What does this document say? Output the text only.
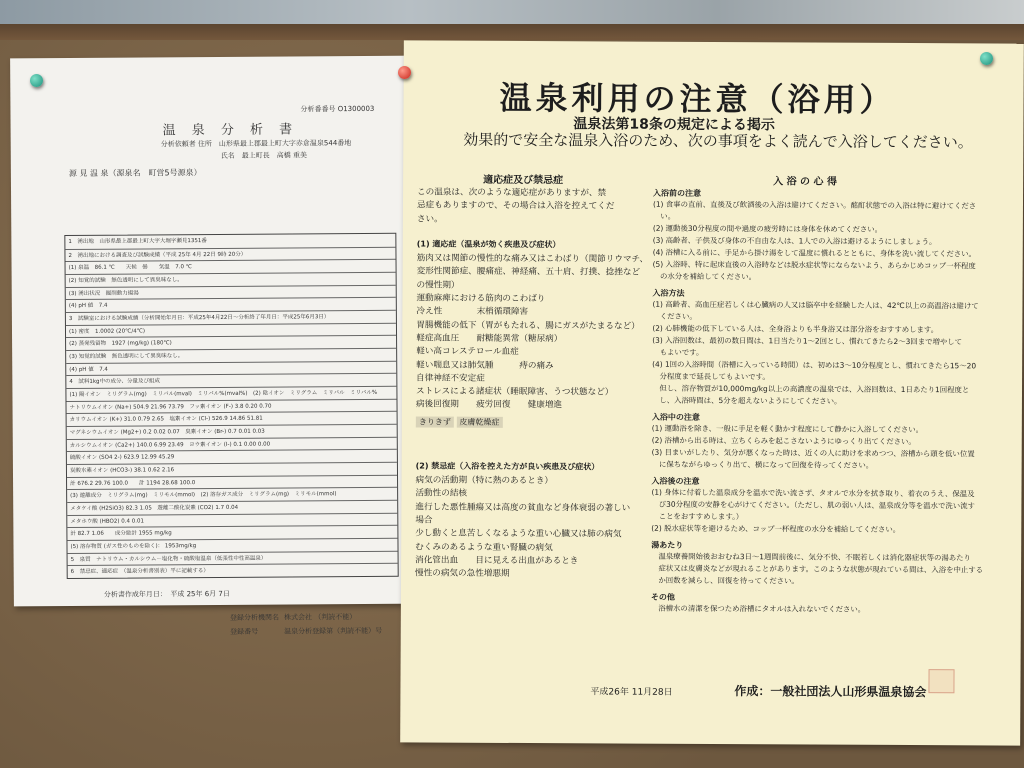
分析番番号 O1300003
温 泉 分 析 書
分析依頼者 住所　山形県最上郡最上町大字赤倉温泉544番地
氏名　最上町長　高橋 重美
源 見 温 泉（源泉名　町営5号源泉）
1　湧出地　山形県最上郡最上町大字大堀字瀬見1351番
2　湧出地における調査及び試験成績（平成 25年 4月 22日 9時 20分）
(1) 泉温　86.1 ℃　　天候　曇　　気温　7.0 ℃
(2) 知覚的試験　無色透明にして異臭味なし。
(3) 湧出状況　掘削動力揚湯
(4) pH 値　7.4
3　試験室における試験成績（分析開始年月日：平成25年4月22日～分析終了年月日：平成25年6月3日）
(1) 密度　1.0002 (20℃/4℃)
(2) 蒸発残留物　1927 (mg/kg) (180℃)
(3) 知覚的試験　無色透明にして異臭味なし。
(4) pH 値　7.4
4　試料1kg中の成分、分量及び組成
(1) 陽イオン　ミリグラム(mg)　ミリバル(mval)　ミリバル%(mval%)　(2) 陰イオン　ミリグラム　ミリバル　ミリバル%
ナトリウムイオン (Na+) 504.9 21.96 73.79　フッ素イオン (F-) 3.8 0.20 0.70
カリウムイオン (K+) 31.0 0.79 2.65　塩素イオン (Cl-) 526.9 14.86 51.81
マグネシウムイオン (Mg2+) 0.2 0.02 0.07　臭素イオン (Br-) 0.7 0.01 0.03
カルシウムイオン (Ca2+) 140.0 6.99 23.49　ヨウ素イオン (I-) 0.1 0.00 0.00
硫酸イオン (SO4 2-) 623.9 12.99 45.29
炭酸水素イオン (HCO3-) 38.1 0.62 2.16
計 676.2 29.76 100.0　　計 1194 28.68 100.0
(3) 遊離成分　ミリグラム(mg)　ミリモル(mmol)　(2) 溶存ガス成分　ミリグラム(mg)　ミリモル(mmol)
メタケイ酸 (H2SiO3) 82.3 1.05　遊離二酸化炭素 (CO2) 1.7 0.04
メタホウ酸 (HBO2) 0.4 0.01
計 82.7 1.06　　成分総計 1955 mg/kg
(5) 溶存物質 (ガス性のものを除く)： 1953mg/kg
5　泉質　ナトリウム・カルシウム－塩化物・硫酸塩温泉（低張性中性高温泉）
6　禁忌症、適応症　（温泉分析書別表）平に記載する）
分析書作成年月日：　平成 25年 6月 7日
登録分析機関名 株式会社 （判読不能）
登録番号	温泉分析登録第（判読不能）号
温泉利用の注意（浴用）
温泉法第18条の規定による掲示
効果的で安全な温泉入浴のため、次の事項をよく読んで入浴してください。
適応症及び禁忌症
この温泉は、次のような適応症がありますが、禁
忌症もありますので、その場合は入浴を控えてくだ
さい。
(1) 適応症（温泉が効く疾患及び症状）
筋肉又は関節の慢性的な痛み又はこわばり（関節リウマチ、
変形性関節症、腰痛症、神経痛、五十肩、打撲、捻挫など
の慢性期）
運動麻痺における筋肉のこわばり
冷え性　　　　末梢循環障害
胃腸機能の低下（胃がもたれる、腸にガスがたまるなど）
軽症高血圧　　耐糖能異常（糖尿病）
軽い高コレステロール血症
軽い喘息又は肺気腫　　　痔の痛み
自律神経不安定症
ストレスによる諸症状（睡眠障害、うつ状態など）
病後回復期　　疲労回復　　健康増進
きりきず 皮膚乾燥症
(2) 禁忌症（入浴を控えた方が良い疾患及び症状）
病気の活動期（特に熱のあるとき）
活動性の結核
進行した悪性腫瘍又は高度の貧血など身体衰弱の著しい
場合
少し動くと息苦しくなるような重い心臓又は肺の病気
むくみのあるような重い腎臓の病気
消化管出血　　目に見える出血があるとき
慢性の病気の急性増悪期
入 浴 の 心 得
入浴前の注意
(1) 食事の直前、直後及び飲酒後の入浴は避けてください。酩酊状態での入浴は特に避けてくださ
　い。
(2) 運動後30分程度の間や過度の疲労時には身体を休めてください。
(3) 高齢者、子供及び身体の不自由な人は、1人での入浴は避けるようにしましょう。
(4) 浴槽に入る前に、手足から掛け湯をして温度に慣れるとともに、身体を洗い流してください。
(5) 入浴時、特に起床直後の入浴時などは脱水症状等にならないよう、あらかじめコップ一杯程度
　の水分を補給してください。
入浴方法
(1) 高齢者、高血圧症若しくは心臓病の人又は脳卒中を経験した人は、42℃以上の高温浴は避けて
　ください。
(2) 心肺機能の低下している人は、全身浴よりも半身浴又は部分浴をおすすめします。
(3) 入浴回数は、最初の数日間は、1日当たり1～2回とし、慣れてきたら2～3回まで増やして
　もよいです。
(4) 1回の入浴時間（浴槽に入っている時間）は、初めは3～10分程度とし、慣れてきたら15～20
　分程度まで延長してもよいです。
　但し、溶存物質が10,000mg/kg以上の高濃度の温泉では、入浴回数は、1日あたり1回程度と
　し、入浴時間は、5分を超えないようにしてください。
入浴中の注意
(1) 運動浴を除き、一般に手足を軽く動かす程度にして静かに入浴してください。
(2) 浴槽から出る時は、立ちくらみを起こさないようにゆっくり出てください。
(3) 目まいがしたり、気分が悪くなった時は、近くの人に助けを求めつつ、浴槽から頭を低い位置
　に保ちながらゆっくり出て、横になって回復を待ってください。
入浴後の注意
(1) 身体に付着した温泉成分を温水で洗い流さず、タオルで水分を拭き取り、着衣のうえ、保温及
　び30分程度の安静を心がけてください。（ただし、肌の弱い人は、温泉成分等を温水で洗い流す
　ことをおすすめします。）
(2) 脱水症状等を避けるため、コップ一杯程度の水分を補給してください。
湯あたり
　温泉療養開始後おおむね3日～1週間前後に、気分不快、不眠若しくは消化器症状等の湯あたり
　症状又は皮膚炎などが現れることがあります。このような状態が現れている間は、入浴を中止する
　か回数を減らし、回復を待ってください。
その他
　浴槽水の清潔を保つため浴槽にタオルは入れないでください。
平成26年 11月28日	作成：一般社団法人山形県温泉協会
